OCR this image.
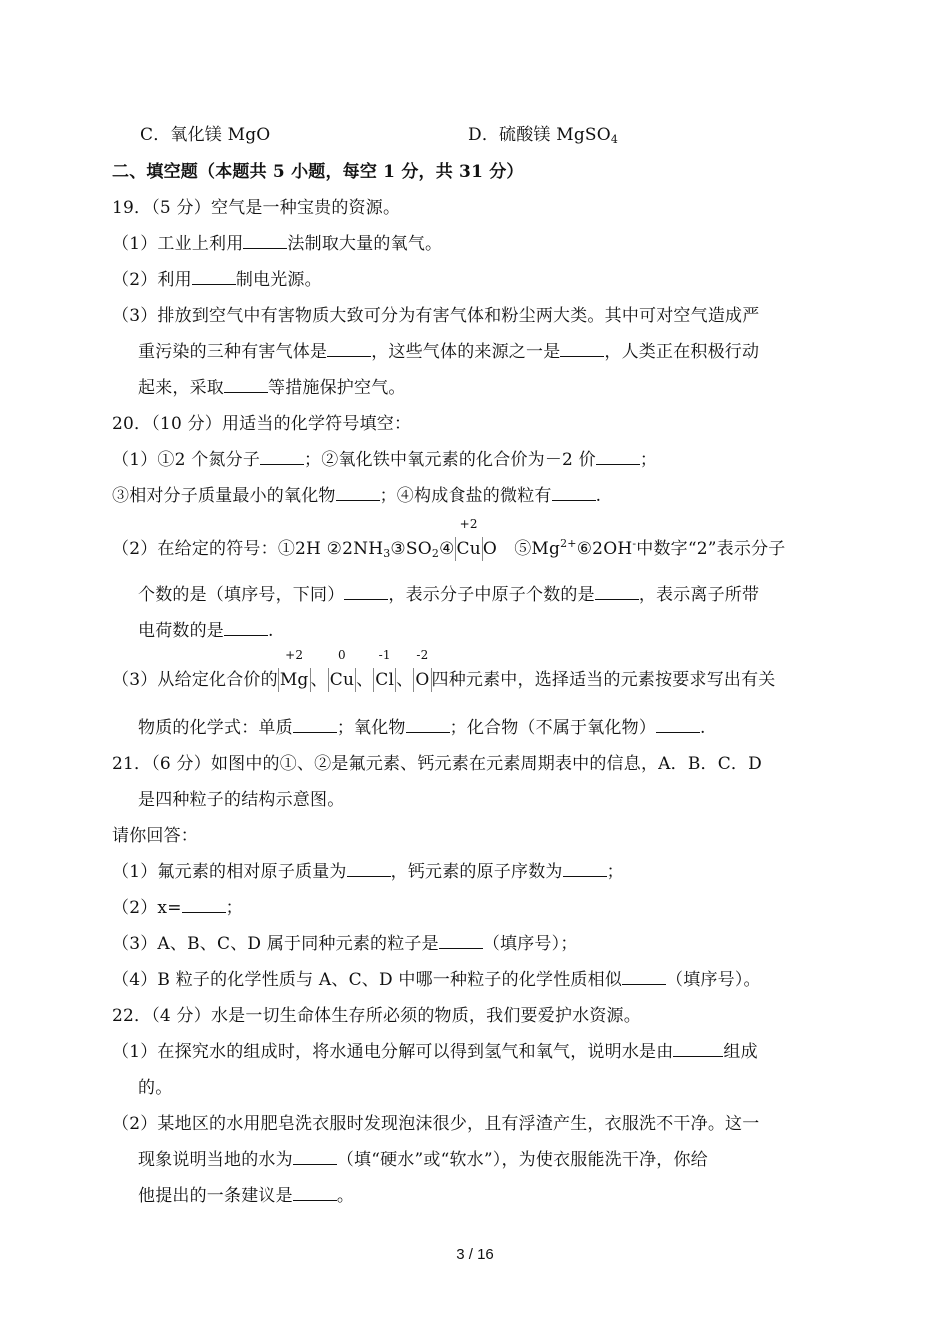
C．氧化镁 MgO	D．硫酸镁 MgSO$_4$
二、填空题（本题共 5 小题，每空 1 分，共 31 分）
19．（5 分）空气是一种宝贵的资源。
（1）工业上利用	法制取大量的氧气。
（2）利用	制电光源。
（3）排放到空气中有害物质大致可分为有害气体和粉尘两大类。其中可对空气造成严
重污染的三种有害气体是	，这些气体的来源之一是	，人类正在积极行动
起来，采取	等措施保护空气。
20．（10 分）用适当的化学符号填空：
（1）①2 个氮分子	；②氧化铁中氧元素的化合价为－2 价	；
③相对分子质量最小的氧化物	；④构成食盐的微粒有	.
（2）在给定的符号：①2H $②2NH_3③SO_2④$
+2
Cu O　$⑤Mg^{2+}⑥2OH^-$中数字“2”表示分子
个数的是（填序号，下同）	，表示分子中原子个数的是	，表示离子所带
电荷数的是	.
（3）从给定化合价的
+2
Mg 、
0
Cu 、
-1
Cl 、
-2
O 四种元素中，选择适当的元素按要求写出有关
物质的化学式：单质	；氧化物	；化合物（不属于氧化物）	.
21．（6 分）如图中的①、②是氟元素、钙元素在元素周期表中的信息，A．B．C．D
是四种粒子的结构示意图。
请你回答：
（1）氟元素的相对原子质量为	，钙元素的原子序数为	；
（2）x=	；
（3）A、B、C、D 属于同种元素的粒子是	（填序号）；
（4）B 粒子的化学性质与 A、C、D 中哪一种粒子的化学性质相似	（填序号）。
22．（4 分）水是一切生命体生存所必须的物质，我们要爱护水资源。
（1）在探究水的组成时，将水通电分解可以得到氢气和氧气，说明水是由	组成
的。
（2）某地区的水用肥皂洗衣服时发现泡沫很少，且有浮渣产生，衣服洗不干净。这一
现象说明当地的水为	（填“硬水”或“软水”），为使衣服能洗干净，你给
他提出的一条建议是	。
3 / 16
